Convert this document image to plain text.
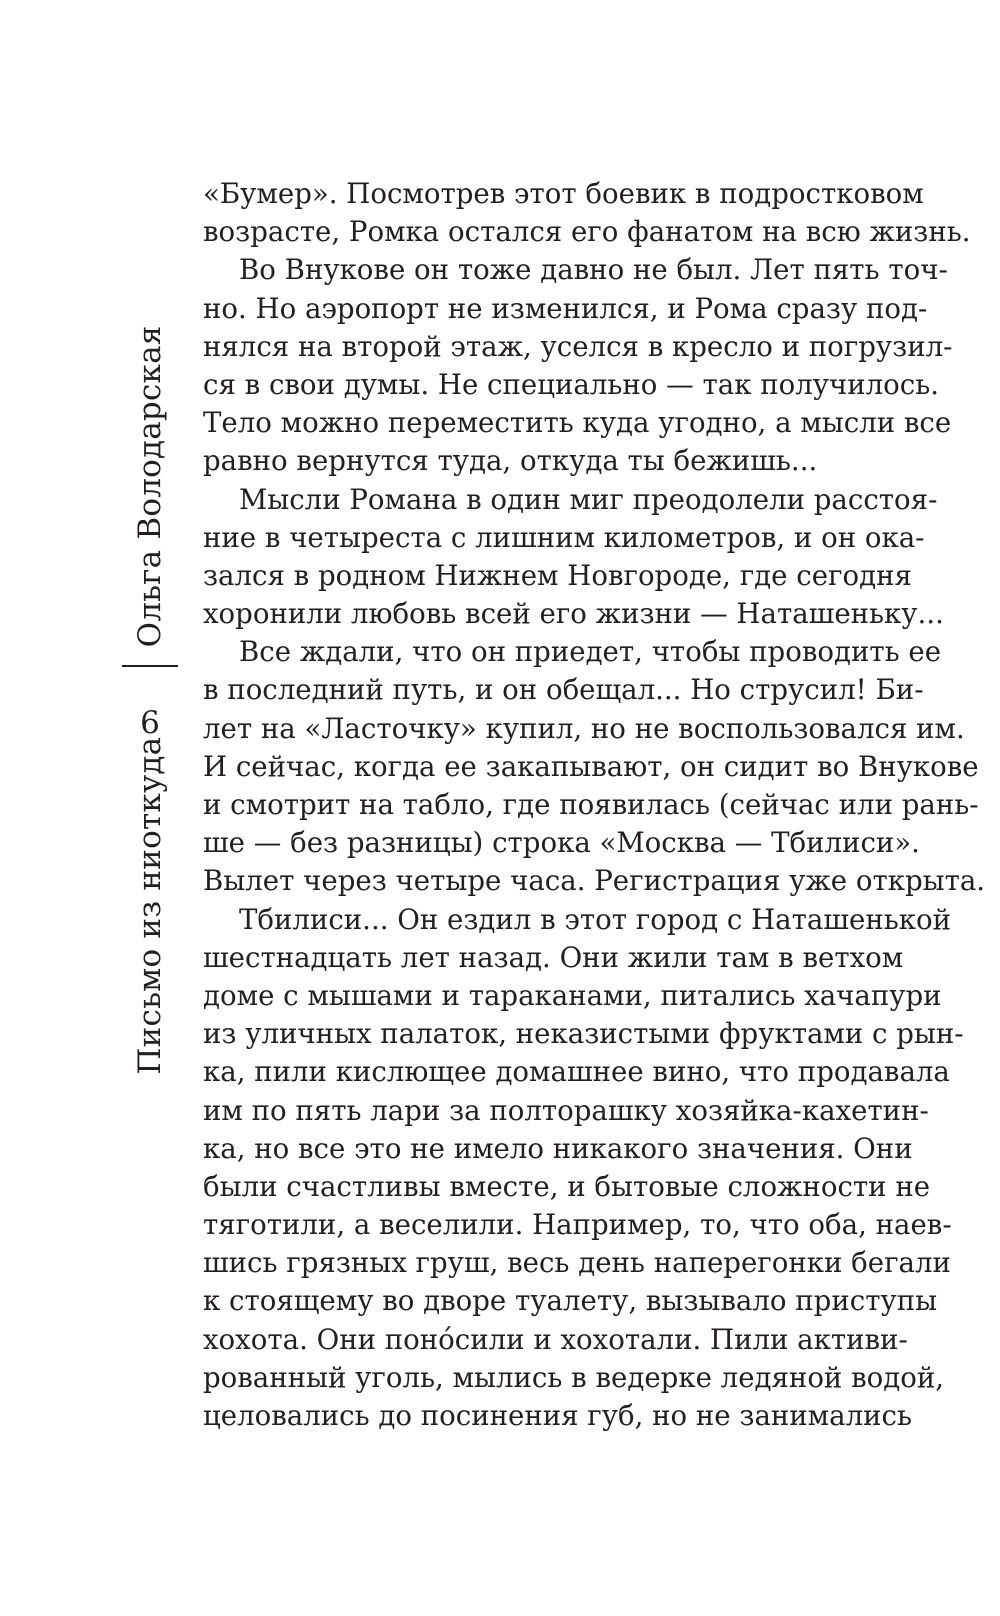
Письмо из ниоткуда
6
Ольга Володарская
«Бумер». Посмотрев этот боевик в подростковом
возрасте, Ромка остался его фанатом на всю жизнь.
Во Внукове он тоже давно не был. Лет пять точ-
но. Но аэропорт не изменился, и Рома сразу под-
нялся на второй этаж, уселся в кресло и погрузил-
ся в свои думы. Не специально — так получилось.
Тело можно переместить куда угодно, а мысли все
равно вернутся туда, откуда ты бежишь...
Мысли Романа в один миг преодолели расстоя-
ние в четыреста с лишним километров, и он ока-
зался в родном Нижнем Новгороде, где сегодня
хоронили любовь всей его жизни — Наташеньку...
Все ждали, что он приедет, чтобы проводить ее
в последний путь, и он обещал... Но струсил! Би-
лет на «Ласточку» купил, но не воспользовался им.
И сейчас, когда ее закапывают, он сидит во Внукове
и смотрит на табло, где появилась (сейчас или рань-
ше — без разницы) строка «Москва — Тбилиси».
Вылет через четыре часа. Регистрация уже открыта.
Тбилиси... Он ездил в этот город с Наташенькой
шестнадцать лет назад. Они жили там в ветхом
доме с мышами и тараканами, питались хачапури
из уличных палаток, неказистыми фруктами с рын-
ка, пили кислющее домашнее вино, что продавала
им по пять лари за полторашку хозяйка-кахетин-
ка, но все это не имело никакого значения. Они
были счастливы вместе, и бытовые сложности не
тяготили, а веселили. Например, то, что оба, наев-
шись грязных груш, весь день наперегонки бегали
к стоящему во дворе туалету, вызывало приступы
хохота. Они поно́сили и хохотали. Пили активи-
рованный уголь, мылись в ведерке ледяной водой,
целовались до посинения губ, но не занимались
